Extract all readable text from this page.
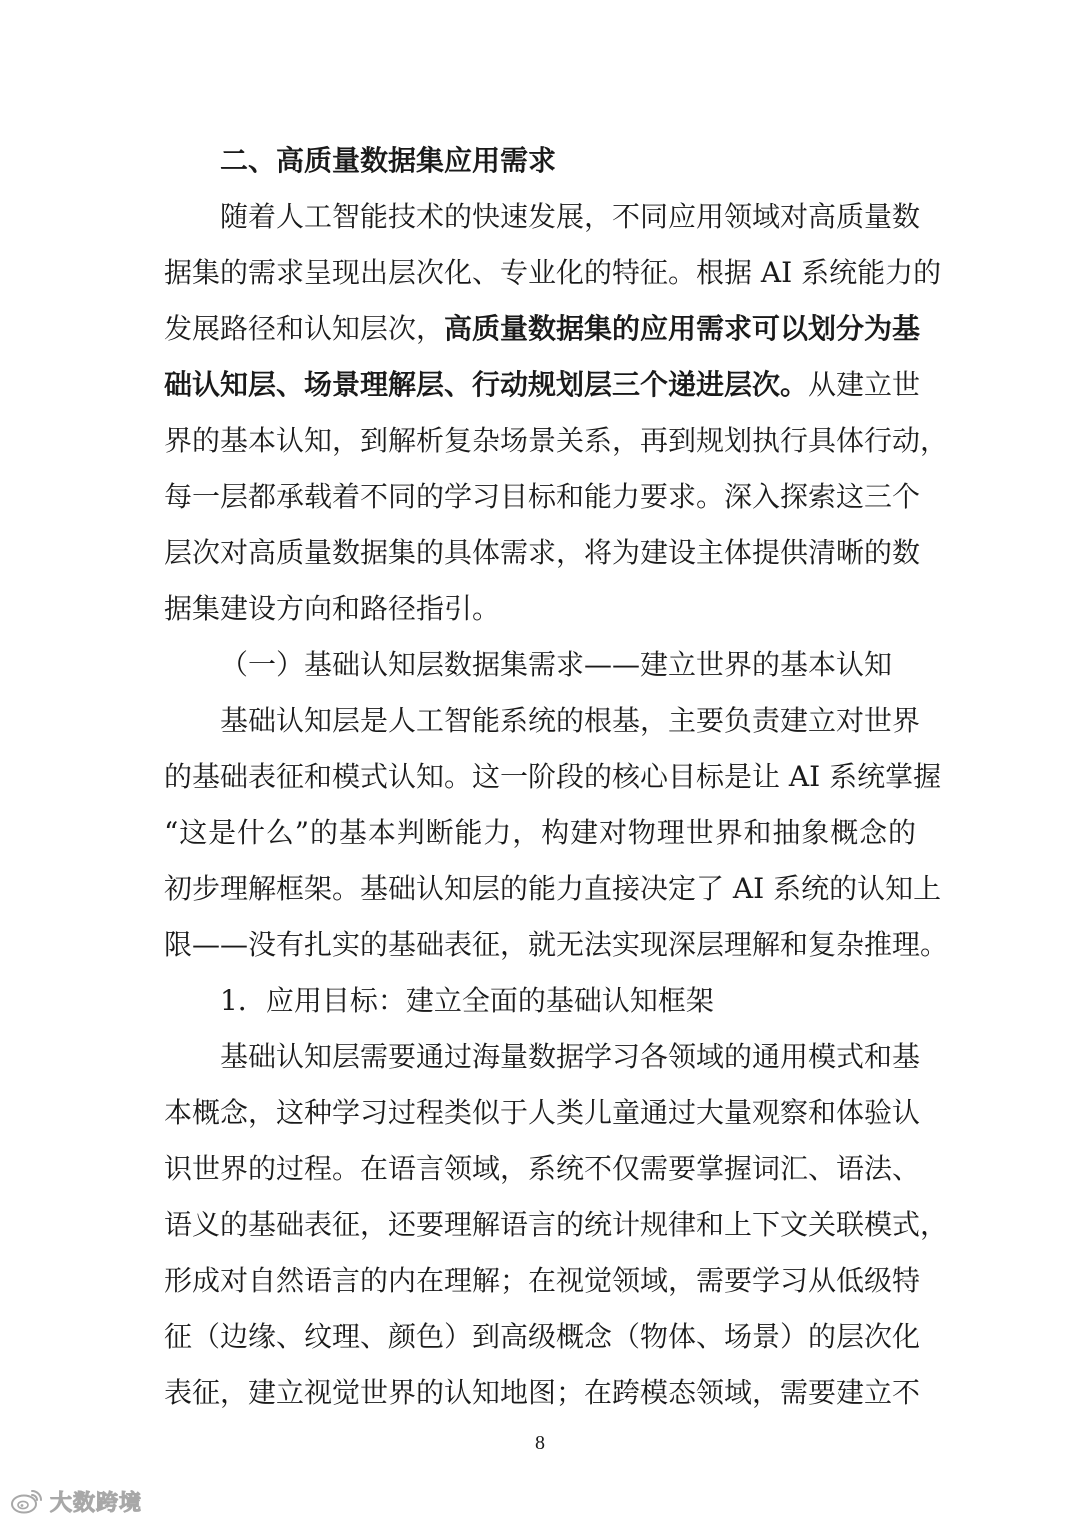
二、高质量数据集应用需求
随着人工智能技术的快速发展，不同应用领域对高质量数
据集的需求呈现出层次化、专业化的特征。根据 AI 系统能力的
发展路径和认知层次，高质量数据集的应用需求可以划分为基
础认知层、场景理解层、行动规划层三个递进层次。从建立世
界的基本认知，到解析复杂场景关系，再到规划执行具体行动，
每一层都承载着不同的学习目标和能力要求。深入探索这三个
层次对高质量数据集的具体需求，将为建设主体提供清晰的数
据集建设方向和路径指引。
（一）基础认知层数据集需求——建立世界的基本认知
基础认知层是人工智能系统的根基，主要负责建立对世界
的基础表征和模式认知。这一阶段的核心目标是让 AI 系统掌握
“这是什么”的基本判断能力，构建对物理世界和抽象概念的
初步理解框架。基础认知层的能力直接决定了 AI 系统的认知上
限——没有扎实的基础表征，就无法实现深层理解和复杂推理。
1．应用目标：建立全面的基础认知框架
基础认知层需要通过海量数据学习各领域的通用模式和基
本概念，这种学习过程类似于人类儿童通过大量观察和体验认
识世界的过程。在语言领域，系统不仅需要掌握词汇、语法、
语义的基础表征，还要理解语言的统计规律和上下文关联模式，
形成对自然语言的内在理解；在视觉领域，需要学习从低级特
征（边缘、纹理、颜色）到高级概念（物体、场景）的层次化
表征，建立视觉世界的认知地图；在跨模态领域，需要建立不
8
大数跨境
